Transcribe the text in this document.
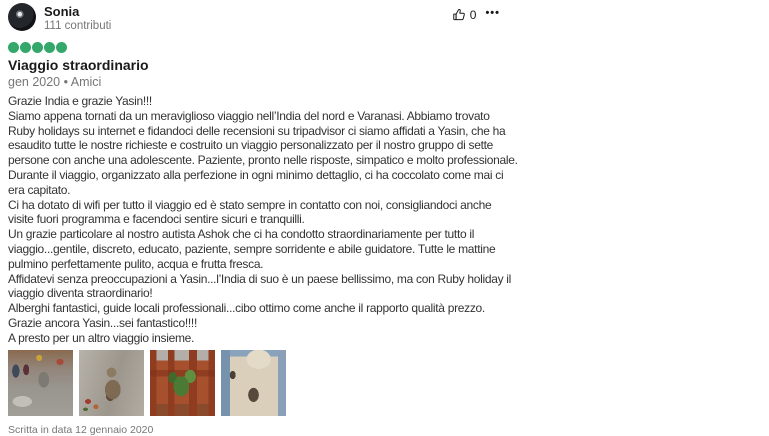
Sonia
111 contributi
0 •••
Viaggio straordinario
gen 2020 • Amici
Grazie India e grazie Yasin!!!
Siamo appena tornati da un meraviglioso viaggio nell’India del nord e Varanasi. Abbiamo trovato
Ruby holidays su internet e fidandoci delle recensioni su tripadvisor ci siamo affidati a Yasin, che ha
esaudito tutte le nostre richieste e costruito un viaggio personalizzato per il nostro gruppo di sette
persone con anche una adolescente. Paziente, pronto nelle risposte, simpatico e molto professionale.
Durante il viaggio, organizzato alla perfezione in ogni minimo dettaglio, ci ha coccolato come mai ci
era capitato.
Ci ha dotato di wifi per tutto il viaggio ed è stato sempre in contatto con noi, consigliandoci anche
visite fuori programma e facendoci sentire sicuri e tranquilli.
Un grazie particolare al nostro autista Ashok che ci ha condotto straordinariamente per tutto il
viaggio...gentile, discreto, educato, paziente, sempre sorridente e abile guidatore. Tutte le mattine
pulmino perfettamente pulito, acqua e frutta fresca.
Affidatevi senza preoccupazioni a Yasin...l’India di suo è un paese bellissimo, ma con Ruby holiday il
viaggio diventa straordinario!
Alberghi fantastici, guide locali professionali...cibo ottimo come anche il rapporto qualità prezzo.
Grazie ancora Yasin...sei fantastico!!!!
A presto per un altro viaggio insieme.
Scritta in data 12 gennaio 2020
